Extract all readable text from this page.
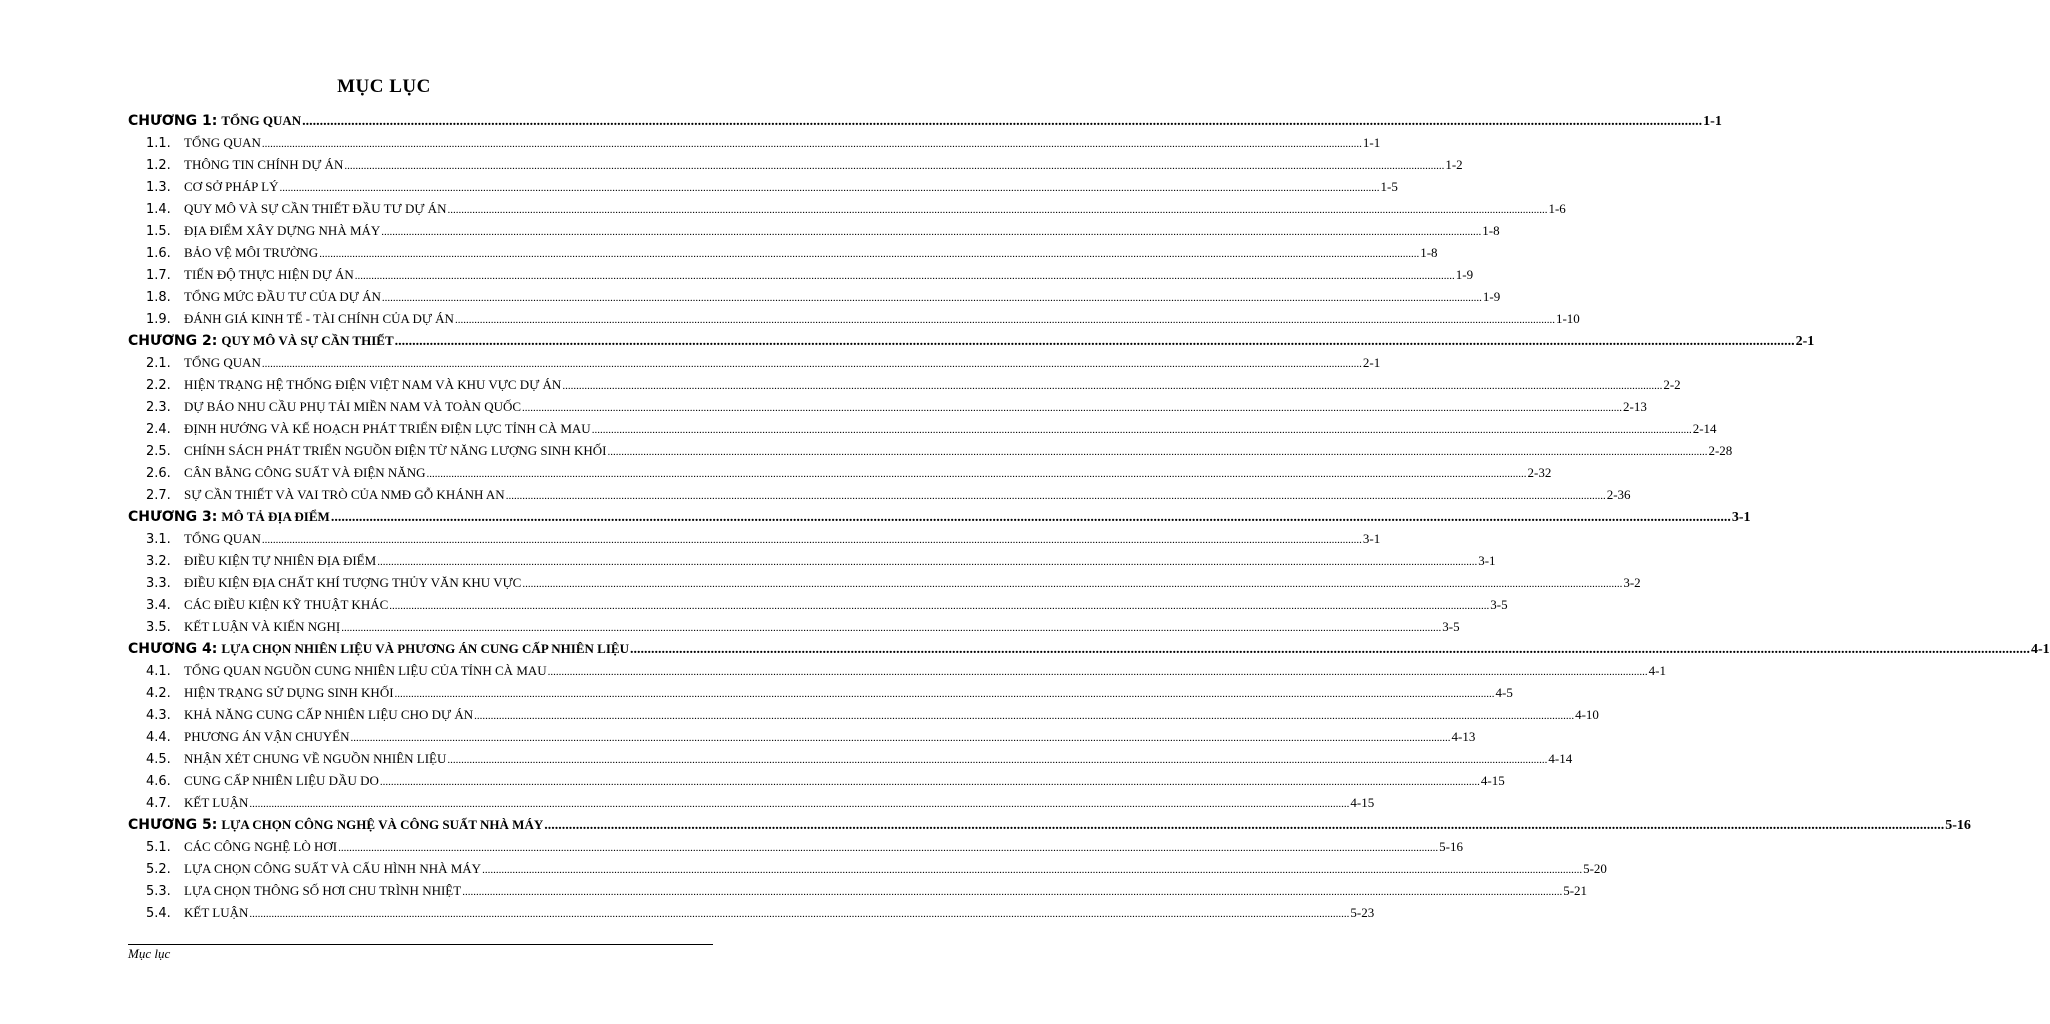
MỤC LỤC
CHƯƠNG 1: TỔNG QUAN ................................................................................................................................................................................................................................................................................................................................................................................................................ 1-1
1.1.	TỔNG QUAN ................................................................................................................................................................................................................................................................................................................................................................................................................ 1-1
1.2.	THÔNG TIN CHÍNH DỰ ÁN ................................................................................................................................................................................................................................................................................................................................................................................................................ 1-2
1.3.	CƠ SỞ PHÁP LÝ ................................................................................................................................................................................................................................................................................................................................................................................................................ 1-5
1.4.	QUY MÔ VÀ SỰ CẦN THIẾT ĐẦU TƯ DỰ ÁN ................................................................................................................................................................................................................................................................................................................................................................................................................ 1-6
1.5.	ĐỊA ĐIỂM XÂY DỰNG NHÀ MÁY ................................................................................................................................................................................................................................................................................................................................................................................................................ 1-8
1.6.	BẢO VỆ MÔI TRƯỜNG ................................................................................................................................................................................................................................................................................................................................................................................................................ 1-8
1.7.	TIẾN ĐỘ THỰC HIỆN DỰ ÁN ................................................................................................................................................................................................................................................................................................................................................................................................................ 1-9
1.8.	TỔNG MỨC ĐẦU TƯ CỦA DỰ ÁN ................................................................................................................................................................................................................................................................................................................................................................................................................ 1-9
1.9.	ĐÁNH GIÁ KINH TẾ - TÀI CHÍNH CỦA DỰ ÁN ................................................................................................................................................................................................................................................................................................................................................................................................................ 1-10
CHƯƠNG 2: QUY MÔ VÀ SỰ CẦN THIẾT ................................................................................................................................................................................................................................................................................................................................................................................................................ 2-1
2.1.	TỔNG QUAN ................................................................................................................................................................................................................................................................................................................................................................................................................ 2-1
2.2.	HIỆN TRẠNG HỆ THỐNG ĐIỆN VIỆT NAM VÀ KHU VỰC DỰ ÁN ................................................................................................................................................................................................................................................................................................................................................................................................................ 2-2
2.3.	DỰ BÁO NHU CẦU PHỤ TẢI MIỀN NAM VÀ TOÀN QUỐC ................................................................................................................................................................................................................................................................................................................................................................................................................ 2-13
2.4.	ĐỊNH HƯỚNG VÀ KẾ HOẠCH PHÁT TRIỂN ĐIỆN LỰC TỈNH CÀ MAU ................................................................................................................................................................................................................................................................................................................................................................................................................ 2-14
2.5.	CHÍNH SÁCH PHÁT TRIỂN NGUỒN ĐIỆN TỪ NĂNG LƯỢNG SINH KHỐI ................................................................................................................................................................................................................................................................................................................................................................................................................ 2-28
2.6.	CÂN BẰNG CÔNG SUẤT VÀ ĐIỆN NĂNG ................................................................................................................................................................................................................................................................................................................................................................................................................ 2-32
2.7.	SỰ CẦN THIẾT VÀ VAI TRÒ CỦA NMĐ GỖ KHÁNH AN ................................................................................................................................................................................................................................................................................................................................................................................................................ 2-36
CHƯƠNG 3: MÔ TẢ ĐỊA ĐIỂM ................................................................................................................................................................................................................................................................................................................................................................................................................ 3-1
3.1.	TỔNG QUAN ................................................................................................................................................................................................................................................................................................................................................................................................................ 3-1
3.2.	ĐIỀU KIỆN TỰ NHIÊN ĐỊA ĐIỂM ................................................................................................................................................................................................................................................................................................................................................................................................................ 3-1
3.3.	ĐIỀU KIỆN ĐỊA CHẤT KHÍ TƯỢNG THỦY VĂN KHU VỰC ................................................................................................................................................................................................................................................................................................................................................................................................................ 3-2
3.4.	CÁC ĐIỀU KIỆN KỸ THUẬT KHÁC ................................................................................................................................................................................................................................................................................................................................................................................................................ 3-5
3.5.	KẾT LUẬN VÀ KIẾN NGHỊ ................................................................................................................................................................................................................................................................................................................................................................................................................ 3-5
CHƯƠNG 4: LỰA CHỌN NHIÊN LIỆU VÀ PHƯƠNG ÁN CUNG CẤP NHIÊN LIỆU ................................................................................................................................................................................................................................................................................................................................................................................................................ 4-1
4.1.	TỔNG QUAN NGUỒN CUNG NHIÊN LIỆU CỦA TỈNH CÀ MAU ................................................................................................................................................................................................................................................................................................................................................................................................................ 4-1
4.2.	HIỆN TRẠNG SỬ DỤNG SINH KHỐI ................................................................................................................................................................................................................................................................................................................................................................................................................ 4-5
4.3.	KHẢ NĂNG CUNG CẤP NHIÊN LIỆU CHO DỰ ÁN ................................................................................................................................................................................................................................................................................................................................................................................................................ 4-10
4.4.	PHƯƠNG ÁN VẬN CHUYỂN ................................................................................................................................................................................................................................................................................................................................................................................................................ 4-13
4.5.	NHẬN XÉT CHUNG VỀ NGUỒN NHIÊN LIỆU ................................................................................................................................................................................................................................................................................................................................................................................................................ 4-14
4.6.	CUNG CẤP NHIÊN LIỆU DẦU DO ................................................................................................................................................................................................................................................................................................................................................................................................................ 4-15
4.7.	KẾT LUẬN ................................................................................................................................................................................................................................................................................................................................................................................................................ 4-15
CHƯƠNG 5: LỰA CHỌN CÔNG NGHỆ VÀ CÔNG SUẤT NHÀ MÁY ................................................................................................................................................................................................................................................................................................................................................................................................................ 5-16
5.1.	CÁC CÔNG NGHỆ LÒ HƠI ................................................................................................................................................................................................................................................................................................................................................................................................................ 5-16
5.2.	LỰA CHỌN CÔNG SUẤT VÀ CẤU HÌNH NHÀ MÁY ................................................................................................................................................................................................................................................................................................................................................................................................................ 5-20
5.3.	LỰA CHỌN THÔNG SỐ HƠI CHU TRÌNH NHIỆT ................................................................................................................................................................................................................................................................................................................................................................................................................ 5-21
5.4.	KẾT LUẬN ................................................................................................................................................................................................................................................................................................................................................................................................................ 5-23
Mục lục
